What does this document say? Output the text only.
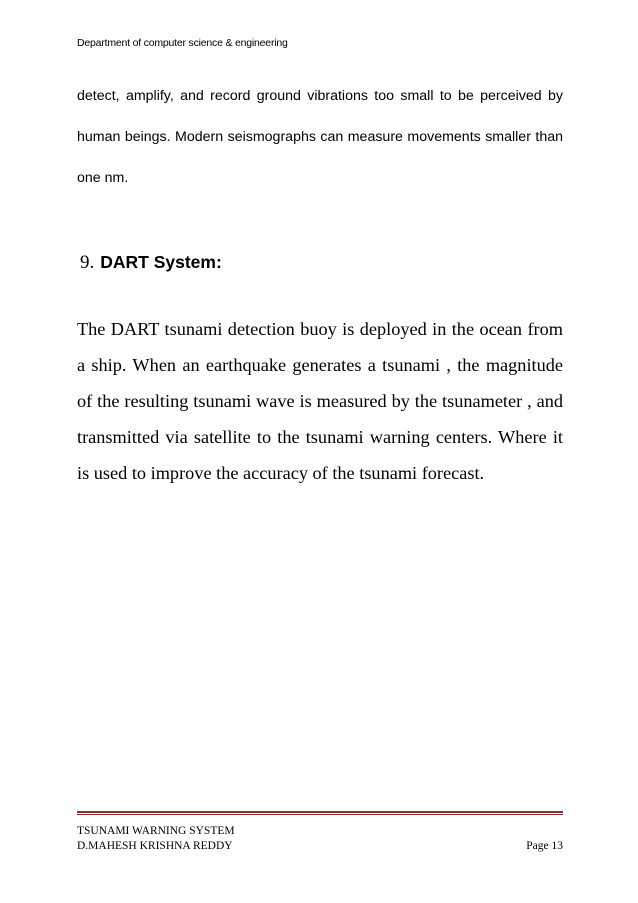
Department of computer science & engineering

detect, amplify, and record ground vibrations too small to be perceived by human beings. Modern seismographs can measure movements smaller than one nm.

9. DART System:

The DART tsunami detection buoy is deployed in the ocean from a ship. When an earthquake generates a tsunami , the magnitude of the resulting tsunami wave is measured by the tsunameter , and transmitted via satellite to the tsunami warning centers. Where it is used to improve the accuracy of the tsunami forecast.

TSUNAMI WARNING SYSTEM
D.MAHESH KRISHNA REDDY	Page 13
